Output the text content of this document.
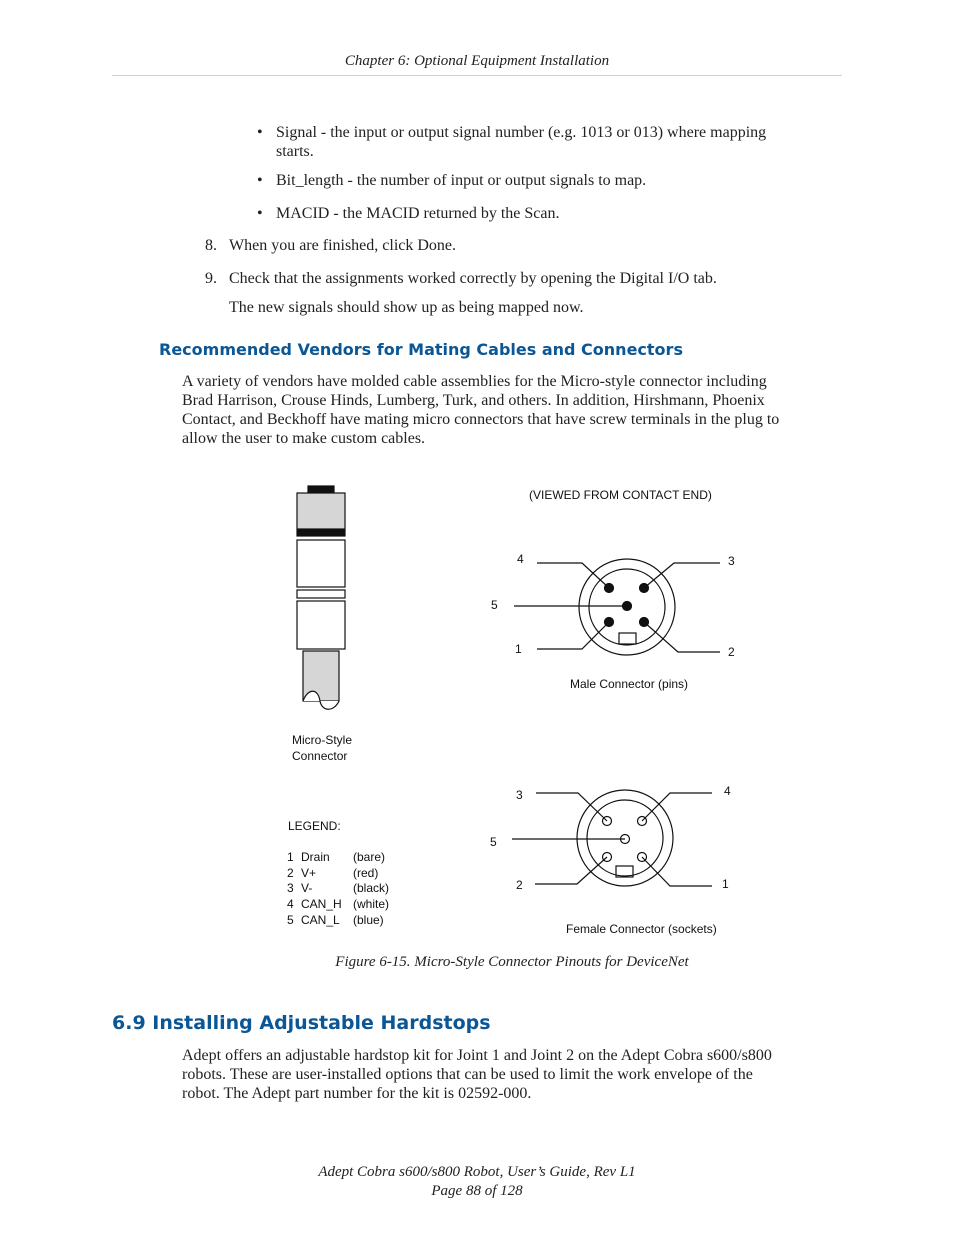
Chapter 6: Optional Equipment Installation
• Signal - the input or output signal number (e.g. 1013 or 013) where mapping
starts.
• Bit_length - the number of input or output signals to map.
• MACID - the MACID returned by the Scan.
8. When you are finished, click Done.
9. Check that the assignments worked correctly by opening the Digital I/O tab.
The new signals should show up as being mapped now.
Recommended Vendors for Mating Cables and Connectors
A variety of vendors have molded cable assemblies for the Micro-style connector including
Brad Harrison, Crouse Hinds, Lumberg, Turk, and others. In addition, Hirshmann, Phoenix
Contact, and Beckhoff have mating micro connectors that have screw terminals in the plug to
allow the user to make custom cables.
(VIEWED FROM CONTACT END)
4	3
5
1	2
Male Connector (pins)
Micro-Style
Connector
3	4
5
2	1
Female Connector (sockets)
LEGEND:
1	Drain	(bare)
2	V+	(red)
3	V-	(black)
4	CAN_H	(white)
5	CAN_L	(blue)
Figure 6-15. Micro-Style Connector Pinouts for DeviceNet
6.9 Installing Adjustable Hardstops
Adept offers an adjustable hardstop kit for Joint 1 and Joint 2 on the Adept Cobra s600/s800
robots. These are user-installed options that can be used to limit the work envelope of the
robot. The Adept part number for the kit is 02592-000.
Adept Cobra s600/s800 Robot, User’s Guide, Rev L1
Page 88 of 128
